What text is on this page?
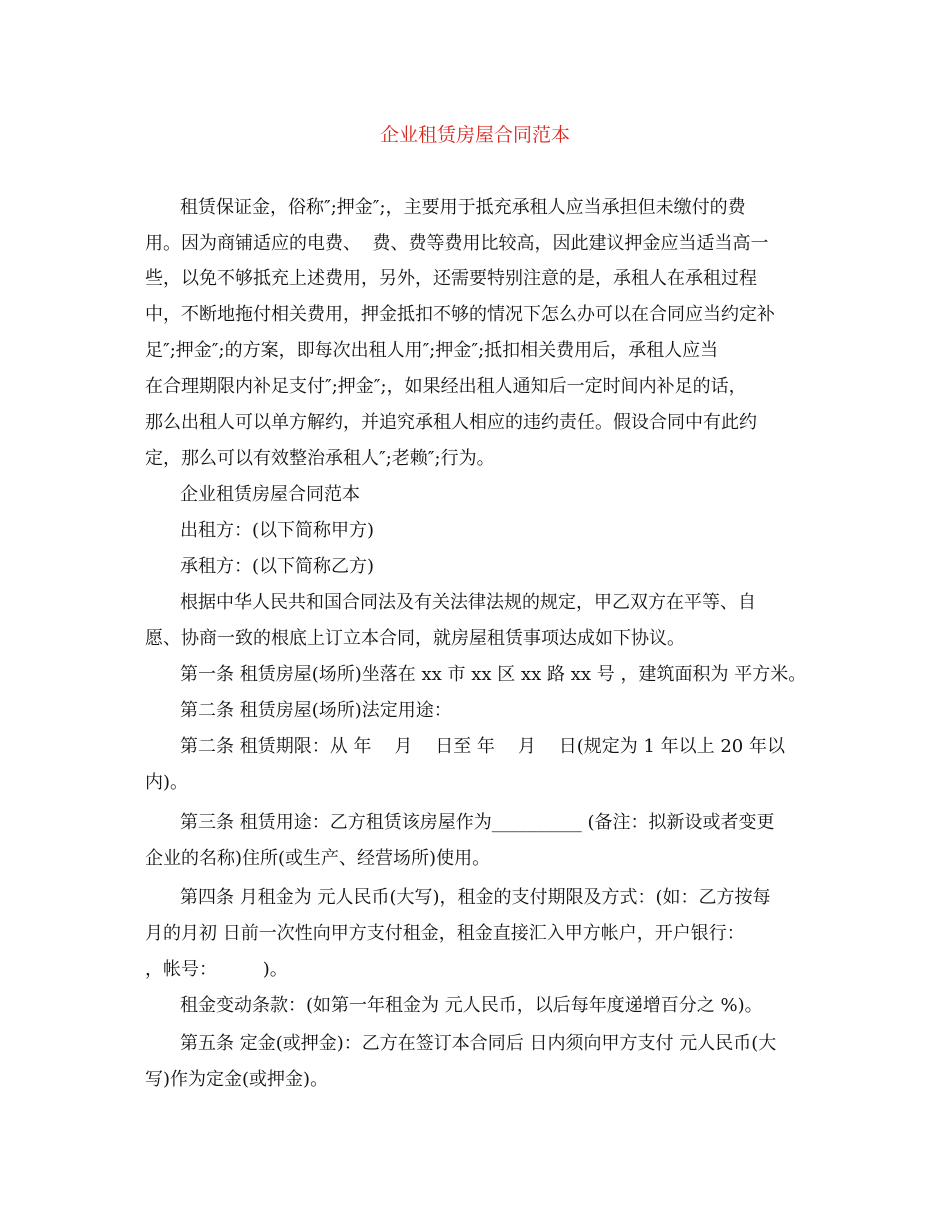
企业租赁房屋合同范本
租赁保证金，俗称″;押金″;，主要用于抵充承租人应当承担但未缴付的费
用。因为商铺适应的电费、  费、费等费用比较高，因此建议押金应当适当高一
些，以免不够抵充上述费用，另外，还需要特别注意的是，承租人在承租过程
中，不断地拖付相关费用，押金抵扣不够的情况下怎么办可以在合同应当约定补
足″;押金″;的方案，即每次出租人用″;押金″;抵扣相关费用后，承租人应当
在合理期限内补足支付″;押金″;，如果经出租人通知后一定时间内补足的话，
那么出租人可以单方解约，并追究承租人相应的违约责任。假设合同中有此约
定，那么可以有效整治承租人″;老赖″;行为。
企业租赁房屋合同范本
出租方：(以下简称甲方)
承租方：(以下简称乙方)
根据中华人民共和国合同法及有关法律法规的规定，甲乙双方在平等、自
愿、协商一致的根底上订立本合同，就房屋租赁事项达成如下协议。
第一条 租赁房屋(场所)坐落在 xx 市 xx 区 xx 路 xx 号 ，建筑面积为 平方米。
第二条 租赁房屋(场所)法定用途：
第二条 租赁期限：从 年    月    日至 年    月    日(规定为 1 年以上 20 年以
内)。
第三条 租赁用途：乙方租赁该房屋作为__________ (备注：拟新设或者变更
企业的名称)住所(或生产、经营场所)使用。
第四条 月租金为 元人民币(大写)，租金的支付期限及方式：(如：乙方按每
月的月初 日前一次性向甲方支付租金，租金直接汇入甲方帐户，开户银行：
，帐号：        )。
租金变动条款：(如第一年租金为 元人民币，以后每年度递增百分之 %)。
第五条 定金(或押金)：乙方在签订本合同后 日内须向甲方支付 元人民币(大
写)作为定金(或押金)。
